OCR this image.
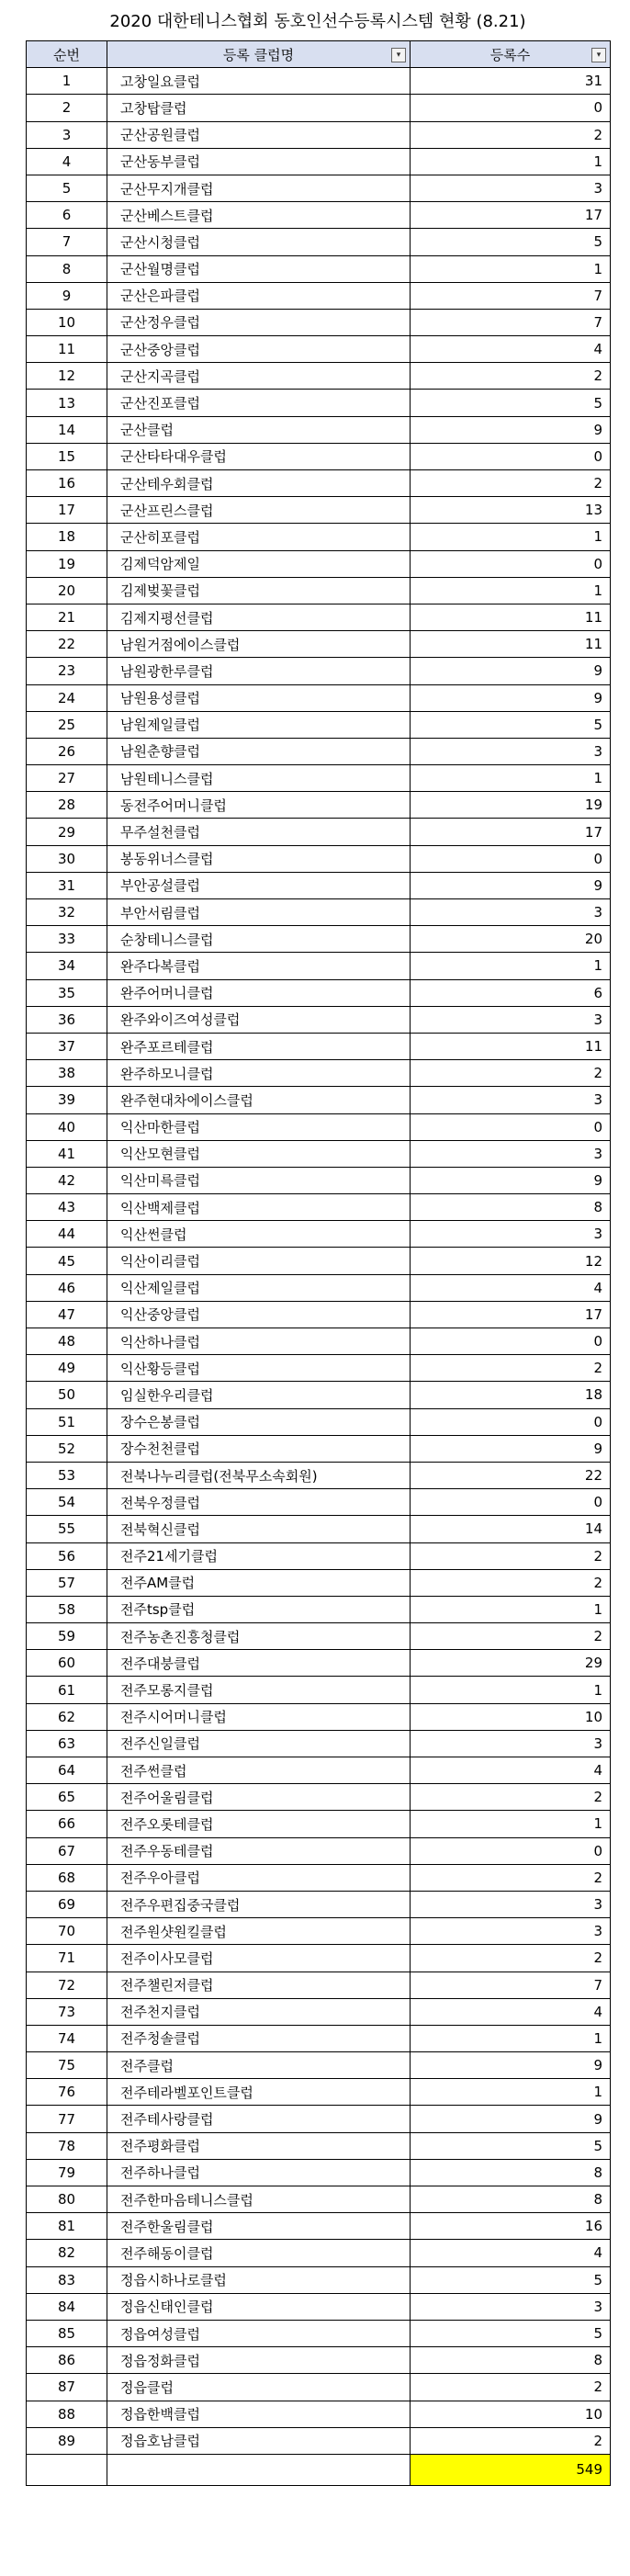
2020 대한테니스협회 동호인선수등록시스템 현황 (8.21)
순번	등록 클럽명 ▾	등록수 ▾

1	고창일요클럽	31
2	고창탑클럽	0
3	군산공원클럽	2
4	군산동부클럽	1
5	군산무지개클럽	3
6	군산베스트클럽	17
7	군산시청클럽	5
8	군산월명클럽	1
9	군산은파클럽	7
10	군산정우클럽	7
11	군산중앙클럽	4
12	군산지곡클럽	2
13	군산진포클럽	5
14	군산클럽	9
15	군산타타대우클럽	0
16	군산테우회클럽	2
17	군산프린스클럽	13
18	군산히포클럽	1
19	김제덕암제일	0
20	김제벚꽃클럽	1
21	김제지평선클럽	11
22	남원거점에이스클럽	11
23	남원광한루클럽	9
24	남원용성클럽	9
25	남원제일클럽	5
26	남원춘향클럽	3
27	남원테니스클럽	1
28	동전주어머니클럽	19
29	무주설천클럽	17
30	봉동위너스클럽	0
31	부안공설클럽	9
32	부안서림클럽	3
33	순창테니스클럽	20
34	완주다복클럽	1
35	완주어머니클럽	6
36	완주와이즈여성클럽	3
37	완주포르테클럽	11
38	완주하모니클럽	2
39	완주현대차에이스클럽	3
40	익산마한클럽	0
41	익산모현클럽	3
42	익산미륵클럽	9
43	익산백제클럽	8
44	익산썬클럽	3
45	익산이리클럽	12
46	익산제일클럽	4
47	익산중앙클럽	17
48	익산하나클럽	0
49	익산황등클럽	2
50	임실한우리클럽	18
51	장수은봉클럽	0
52	장수천천클럽	9
53	전북나누리클럽(전북무소속회원)	22
54	전북우정클럽	0
55	전북혁신클럽	14
56	전주21세기클럽	2
57	전주AM클럽	2
58	전주tsp클럽	1
59	전주농촌진흥청클럽	2
60	전주대붕클럽	29
61	전주모롱지클럽	1
62	전주시어머니클럽	10
63	전주신일클럽	3
64	전주썬클럽	4
65	전주어울림클럽	2
66	전주오롯테클럽	1
67	전주우동테클럽	0
68	전주우아클럽	2
69	전주우편집중국클럽	3
70	전주원샷원킬클럽	3
71	전주이사모클럽	2
72	전주챌린저클럽	7
73	전주천지클럽	4
74	전주청솔클럽	1
75	전주클럽	9
76	전주테라벨포인트클럽	1
77	전주테사랑클럽	9
78	전주평화클럽	5
79	전주하나클럽	8
80	전주한마음테니스클럽	8
81	전주한울림클럽	16
82	전주해동이클럽	4
83	정읍시하나로클럽	5
84	정읍신태인클럽	3
85	정읍여성클럽	5
86	정읍정화클럽	8
87	정읍클럽	2
88	정읍한백클럽	10
89	정읍호남클럽	2
		549
